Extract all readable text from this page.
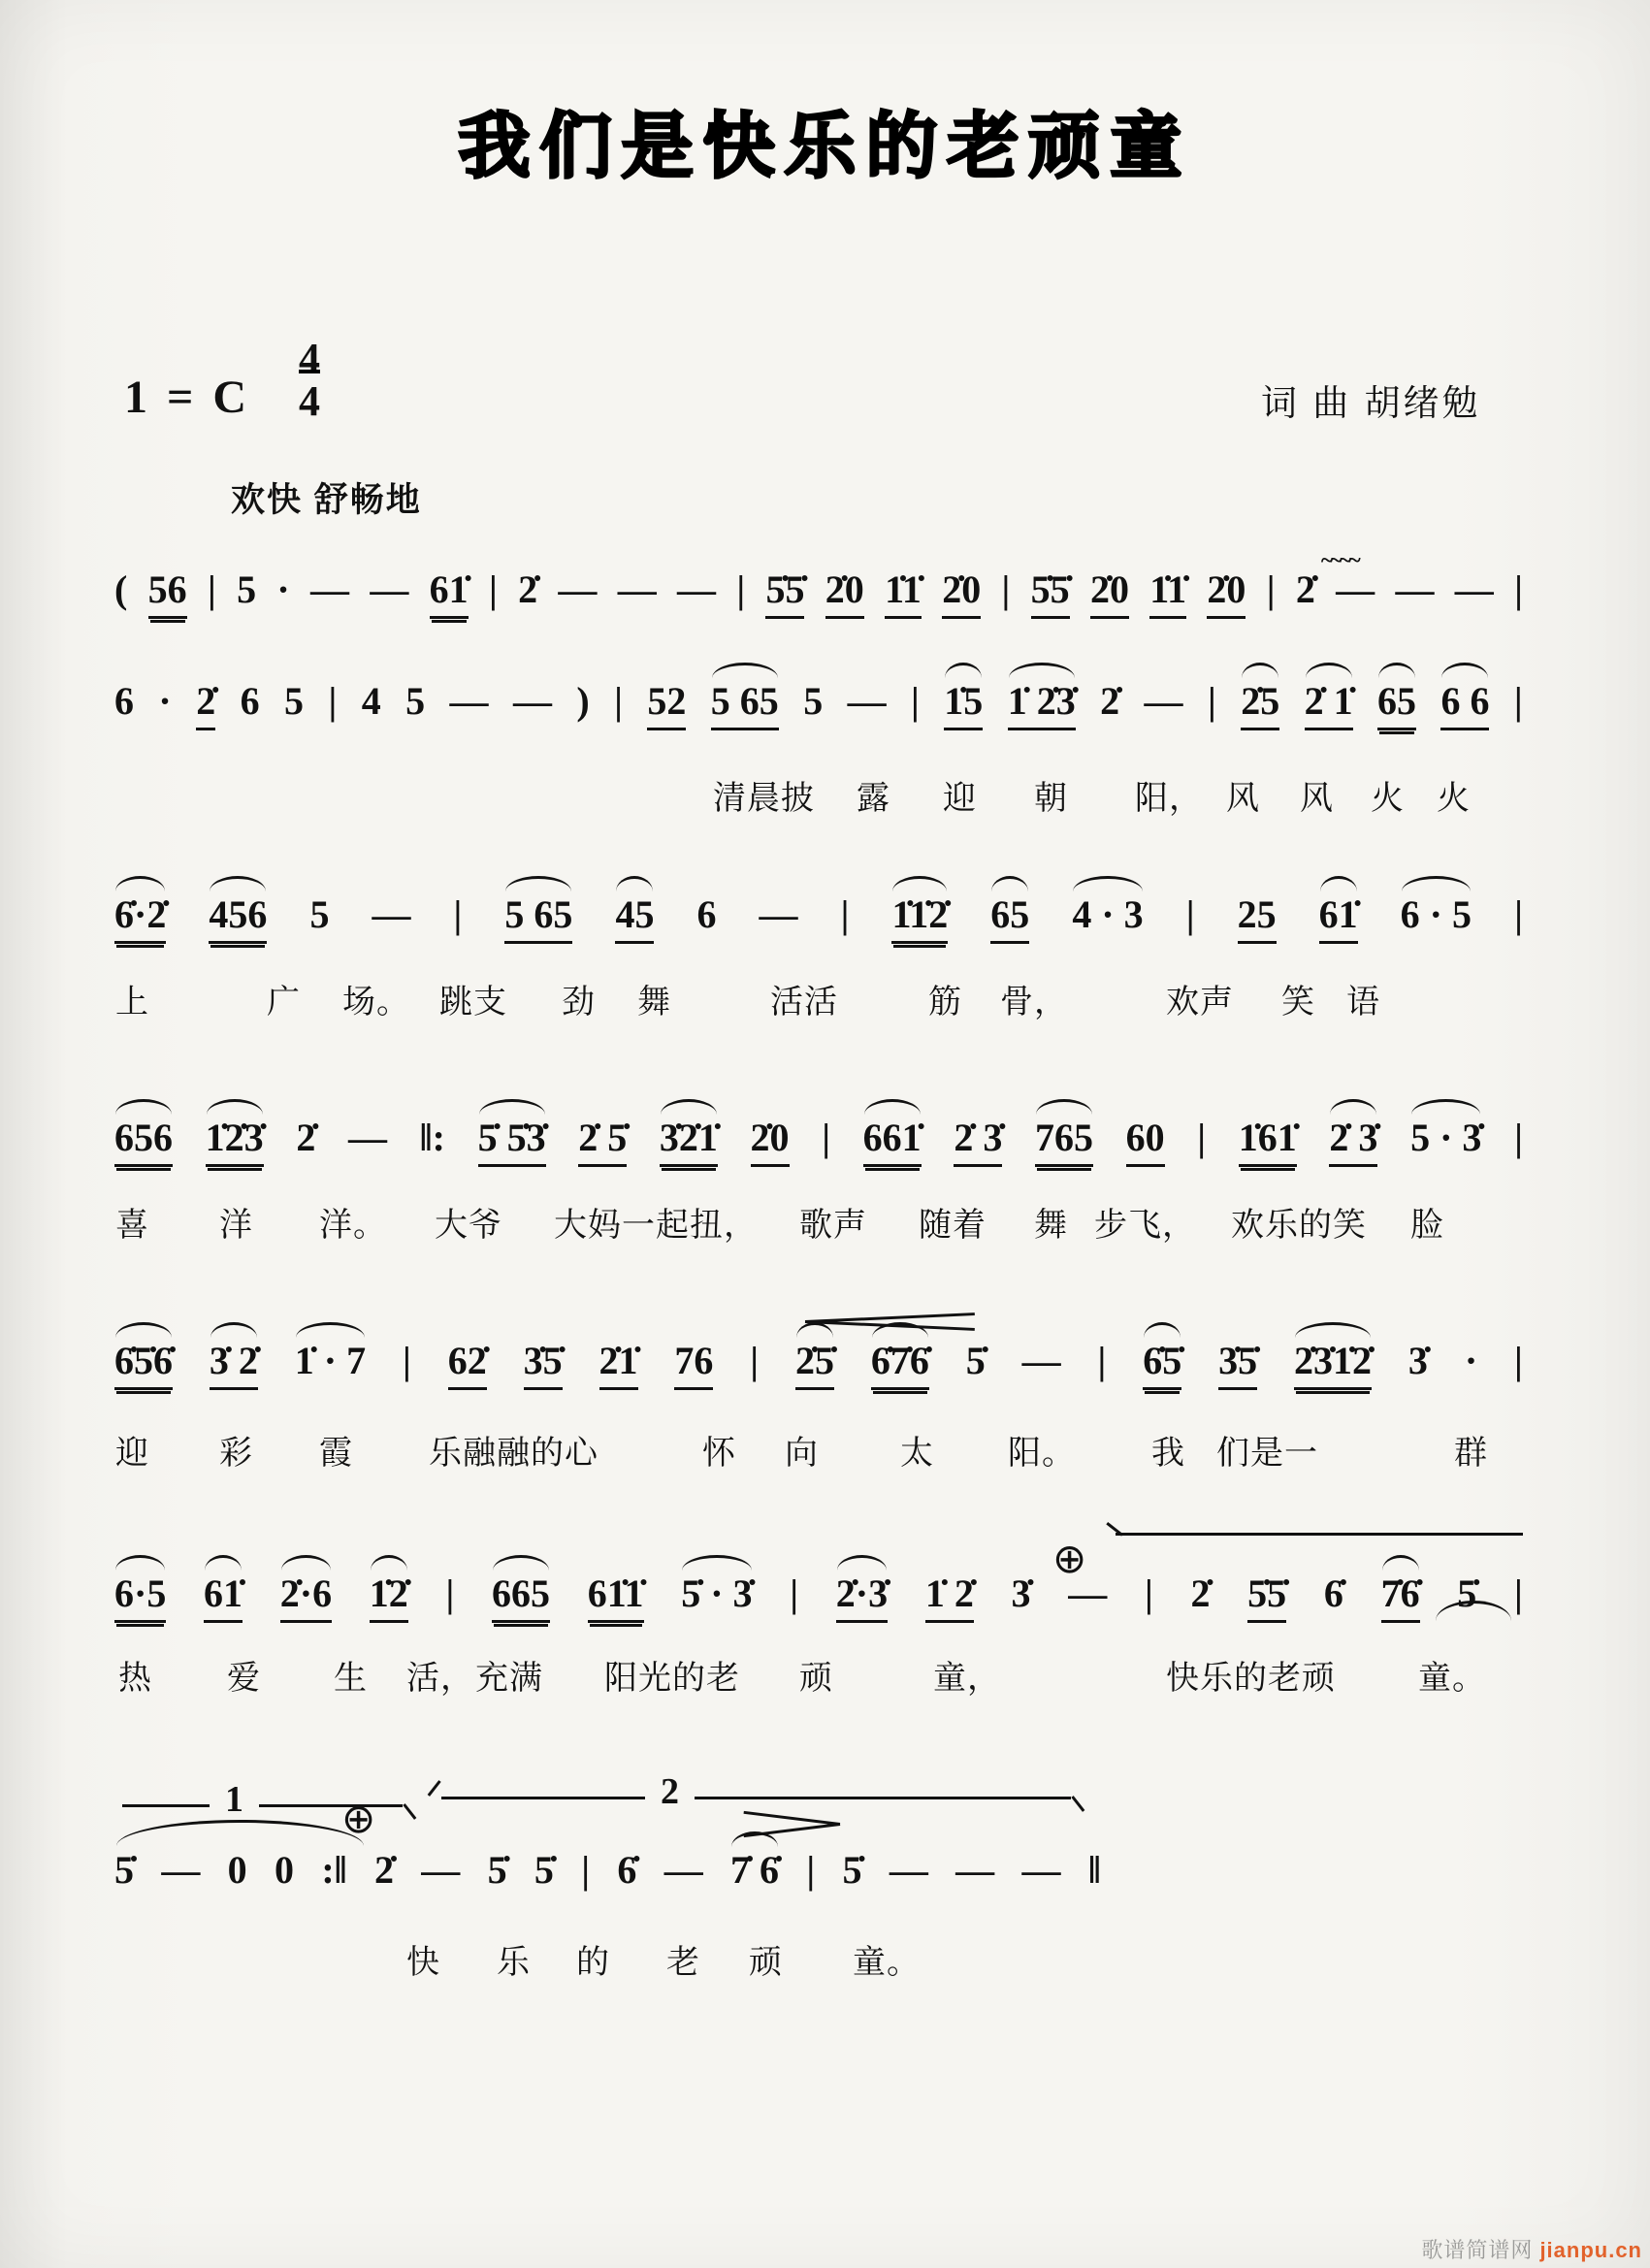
我们是快乐的老顽童
1 = C
4 4	词 曲 胡绪勉
欢快 舒畅地
( 56 | 5 · — — 61̇ | 2̇ — — — | 5̇5̇ 2̇0 1̇1̇ 2̇0 | 5̇5̇ 2̇0 1̇1̇ 2̇0 | 2̇ ~~~~ — — — |
6 · 2̇ 6 5 | 4 5 — — ) | 52 5 65 5 — | 1̇5 1̇ 2̇3̇ 2̇ — | 2̇5 2̇ 1̇ 65 6 6 |
6̇·2̇ 456 5 — | 5 65 45 6 — | 1̇1̇2̇ 65 4 · 3 | 25 61̇ 6 · 5 |
656 1̇2̇3̇ 2̇ — ‖: 5̇ 5̇3̇ 2̇ 5̇ 3̇2̇1̇ 2̇0 | 661̇ 2̇ 3̇ 765 60 | 1̇61̇ 2̇ 3̇ 5 · 3̇ |
6̇5̇6̇ 3̇ 2̇ 1̇ · 7 | 62̇ 3̇5̇ 2̇1̇ 76 | 2̇5̇ 6̇7̇6̇ 5̇ — | 6̇5̇ 3̇5̇ 2̇3̇1̇2̇ 3̇ · |
6·5 61̇ 2̇·6 1̇2̇ | 665 61̇1̇ 5̇ · 3̇ | 2̇·3̇ 1̇ 2̇ 3̇ — | 2̇ 5̇5̇ 6̇ 7̇6̇ 5̇ |
5̇ — 0 0 :‖ 2̇ — 5̇ 5̇ | 6̇ — 7̇ 6̇ | 5̇ — — — ‖
清晨披 露 迎 朝 阳， 风 风 火 火
上	广 场。 跳支 劲 舞	活活	筋 骨，	欢声 笑 语
喜 洋 洋。 大爷 大妈一起扭， 歌声 随着 舞 步飞， 欢乐的笑 脸
迎 彩 霞 乐融融的心	怀 向 太 阳。 我 们是一	群
热 爱 生 活， 充满 阳光的老 顽	童，	快乐的老顽	童。
快 乐 的 老 顽 童。
⊕
1	2
⊕
歌谱简谱网 jianpu.cn
